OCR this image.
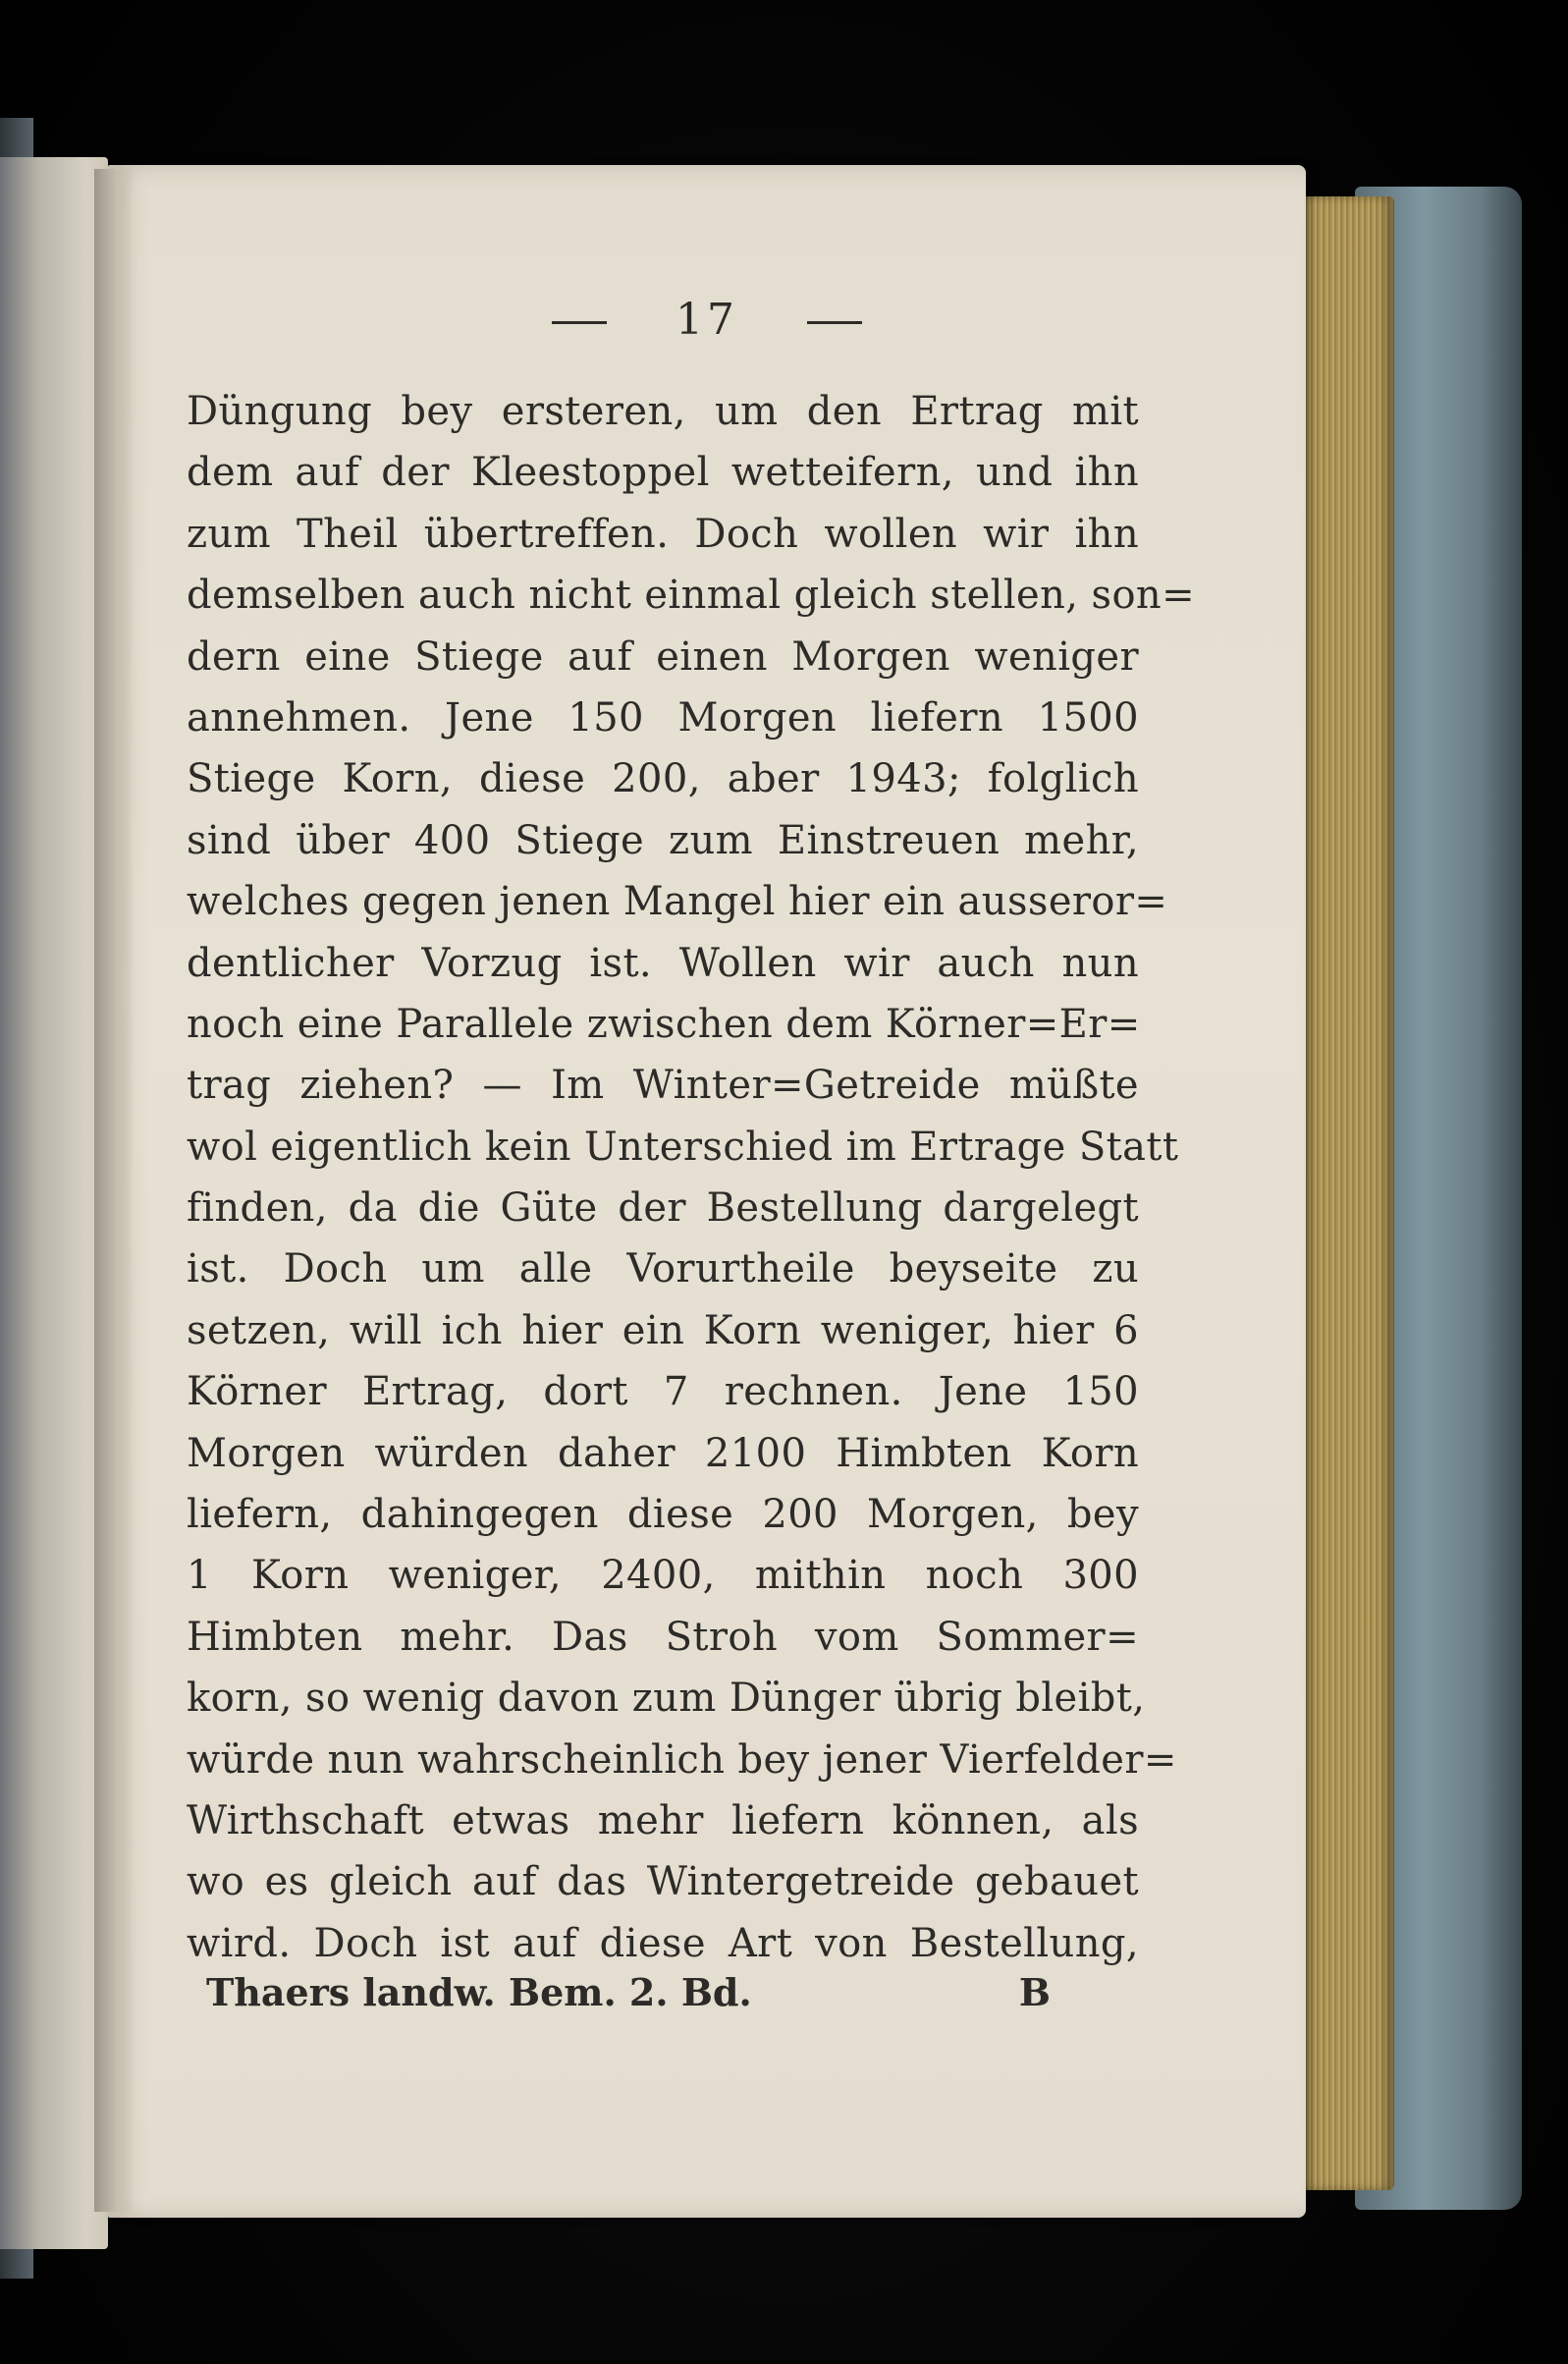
17
Düngung bey ersteren, um den Ertrag mit
dem auf der Kleestoppel wetteifern, und ihn
zum Theil übertreffen. Doch wollen wir ihn
demselben auch nicht einmal gleich stellen, son=
dern eine Stiege auf einen Morgen weniger
annehmen. Jene 150 Morgen liefern 1500
Stiege Korn, diese 200, aber 1943; folglich
sind über 400 Stiege zum Einstreuen mehr,
welches gegen jenen Mangel hier ein ausseror=
dentlicher Vorzug ist. Wollen wir auch nun
noch eine Parallele zwischen dem Körner=Er=
trag ziehen? — Im Winter=Getreide müßte
wol eigentlich kein Unterschied im Ertrage Statt
finden, da die Güte der Bestellung dargelegt
ist. Doch um alle Vorurtheile beyseite zu
setzen, will ich hier ein Korn weniger, hier 6
Körner Ertrag, dort 7 rechnen. Jene 150
Morgen würden daher 2100 Himbten Korn
liefern, dahingegen diese 200 Morgen, bey
1 Korn weniger, 2400, mithin noch 300
Himbten mehr. Das Stroh vom Sommer=
korn, so wenig davon zum Dünger übrig bleibt,
würde nun wahrscheinlich bey jener Vierfelder=
Wirthschaft etwas mehr liefern können, als
wo es gleich auf das Wintergetreide gebauet
wird. Doch ist auf diese Art von Bestellung,
Thaers landw. Bem. 2. Bd.	B
